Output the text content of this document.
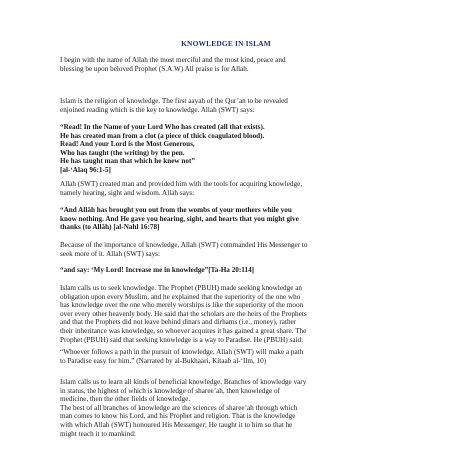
KNOWLEDGE IN ISLAM

I begin with the name of Allah the most merciful and the most kind, peace and

blessing be upon beloved Prophet (S.A.W) All praise is for Allah.

Islam is the religion of knowledge. The first aayah of the Qur’an to be revealed

enjoined reading which is the key to knowledge. Allah (SWT) says:

“Read! In the Name of your Lord Who has created (all that exists).

He has created man from a clot (a piece of thick coagulated blood).

Read! And your Lord is the Most Generous,

Who has taught (the writing) by the pen.

He has taught man that which he knew not”

[al-‘Alaq 96:1-5]

Allah (SWT) created man and provided him with the tools for acquiring knowledge,

namely hearing, sight and wisdom. Allah says:

“And Allâh has brought you out from the wombs of your mothers while you

know nothing. And He gave you hearing, sight, and hearts that you might give

thanks (to Allâh) [al-Nahl 16:78]

Because of the importance of knowledge, Allah (SWT) commanded His Messenger to

seek more of it. Allah (SWT) says:

“and say: ‘My Lord! Increase me in knowledge”[Ta-Ha 20:114]

Islam calls us to seek knowledge. The Prophet (PBUH) made seeking knowledge an

obligation upon every Muslim, and he explained that the superiority of the one who

has knowledge over the one who merely worships is like the superiority of the moon

over every other heavenly body. He said that the scholars are the heirs of the Prophets

and that the Prophets did not leave behind dinars and dirhams (i.e., money), rather

their inheritance was knowledge, so whoever acquires it has gained a great share. The

Prophet (PBUH) said that seeking knowledge is a way to Paradise. He (PBUH) said:

“Whoever follows a path in the pursuit of knowledge, Allah (SWT) will make a path

to Paradise easy for him.” (Narrated by al-Bukhaari, Kitaab al-‘Ilm, 10)

Islam calls us to learn all kinds of beneficial knowledge. Branches of knowledge vary

in status, the highest of which is knowledge of sharee’ah, then knowledge of

medicine, then the other fields of knowledge.

The best of all branches of knowledge are the sciences of sharee’ah through which

man comes to know his Lord, and his Prophet and religion. That is the knowledge

with which Allah (SWT) honoured His Messenger; He taught it to him so that he

might teach it to mankind:
